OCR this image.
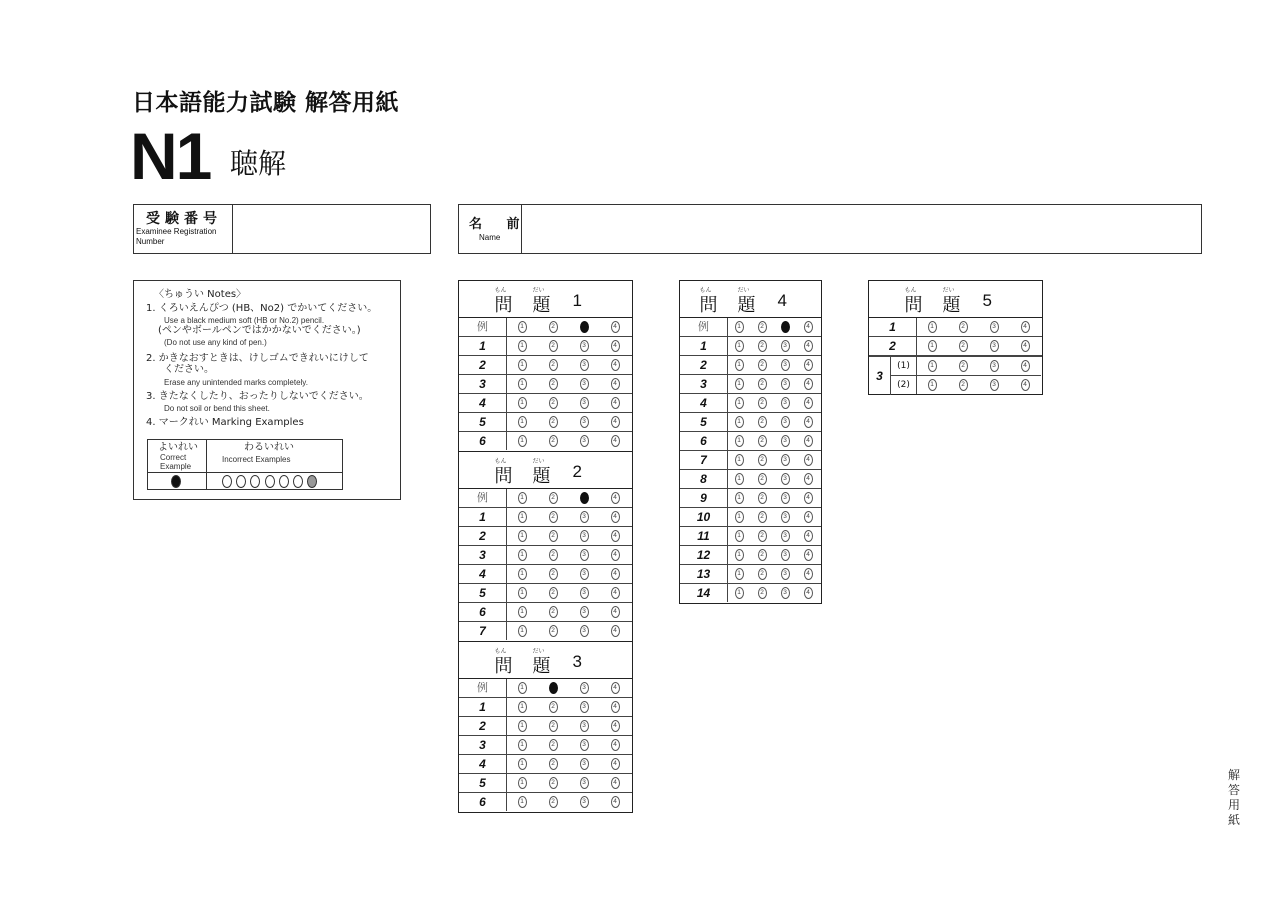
日本語能力試験 解答用紙
N1 聴解
受験番号
Examinee Registration
Number
名 前
Name
〈ちゅうい Notes〉
1. くろいえんぴつ (HB、No2) でかいてください。
Use a black medium soft (HB or No.2) pencil.
(ペンやボールペンではかかないでください。)
(Do not use any kind of pen.)
2. かきなおすときは、けしゴムできれいにけして
ください。
Erase any unintended marks completely.
3. きたなくしたり、おったりしないでください。
Do not soil or bend this sheet.
4. マークれい Marking Examples
よいれい
Correct
Example
わるいれい
Incorrect Examples

もん	だい
問 題 1
例	1	2	3	4
1	1	2	3	4
2	1	2	3	4
3	1	2	3	4
4	1	2	3	4
5	1	2	3	4
6	1	2	3	4
もん	だい
問 題 2
例	1	2	3	4
1	1	2	3	4
2	1	2	3	4
3	1	2	3	4
4	1	2	3	4
5	1	2	3	4
6	1	2	3	4
7	1	2	3	4
もん	だい
問 題 3
例	1	2	3	4
1	1	2	3	4
2	1	2	3	4
3	1	2	3	4
4	1	2	3	4
5	1	2	3	4
6	1	2	3	4
もん	だい
問 題 4
例	1	2	3	4
1	1	2	3	4
2	1	2	3	4
3	1	2	3	4
4	1	2	3	4
5	1	2	3	4
6	1	2	3	4
7	1	2	3	4
8	1	2	3	4
9	1	2	3	4
10	1	2	3	4
11	1	2	3	4
12	1	2	3	4
13	1	2	3	4
14	1	2	3	4
もん	だい
問 題 5
1	1	2	3	4
2	1	2	3	4
3
(1)	1	2	3	4
(2)	1	2	3	4
解答用紙
